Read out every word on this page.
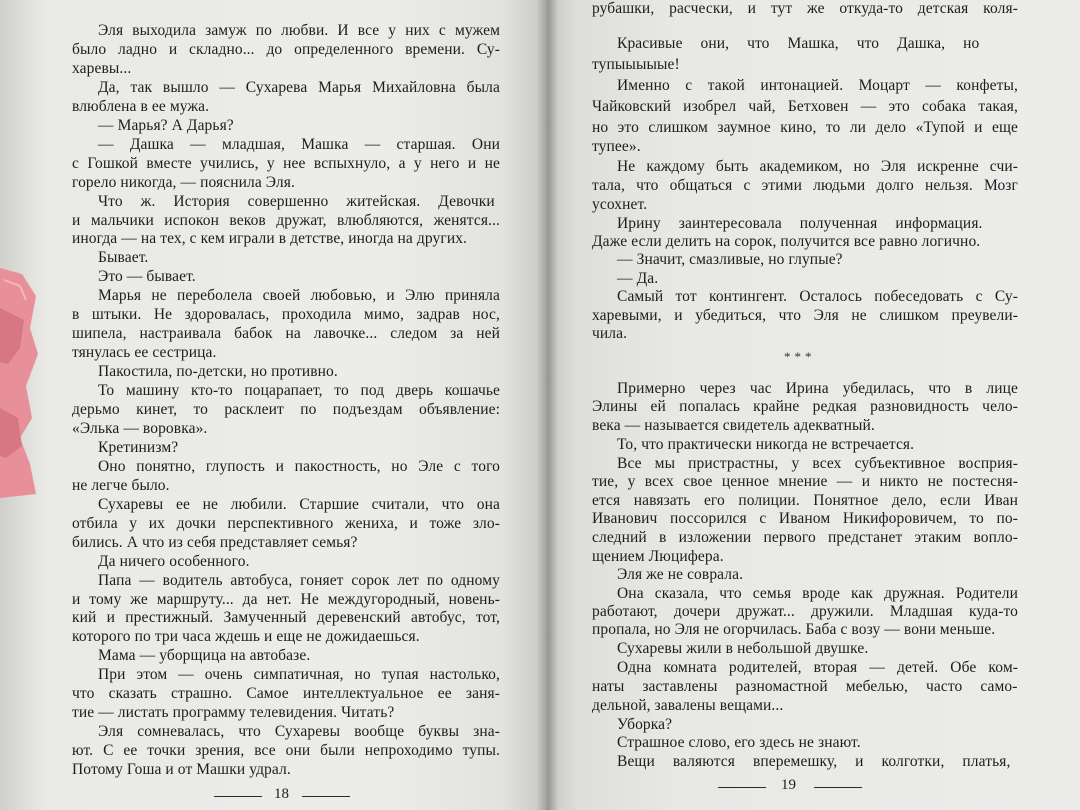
Эля выходила замуж по любви. И все у них с мужем
было ладно и складно... до определенного времени. Су-
харевы...
Да, так вышло — Сухарева Марья Михайловна была
влюблена в ее мужа.
— Марья? А Дарья?
— Дашка — младшая, Машка — старшая. Они
с Гошкой вместе учились, у нее вспыхнуло, а у него и не
горело никогда, — пояснила Эля.
Что ж. История совершенно житейская. Девочки
и мальчики испокон веков дружат, влюбляются, женятся...
иногда — на тех, с кем играли в детстве, иногда на других.
Бывает.
Это — бывает.
Марья не переболела своей любовью, и Элю приняла
в штыки. Не здоровалась, проходила мимо, задрав нос,
шипела, настраивала бабок на лавочке... следом за ней
тянулась ее сестрица.
Пакостила, по-детски, но противно.
То машину кто-то поцарапает, то под дверь кошачье
дерьмо кинет, то расклеит по подъездам объявление:
«Элька — воровка».
Кретинизм?
Оно понятно, глупость и пакостность, но Эле с того
не легче было.
Сухаревы ее не любили. Старшие считали, что она
отбила у их дочки перспективного жениха, и тоже зло-
бились. А что из себя представляет семья?
Да ничего особенного.
Папа — водитель автобуса, гоняет сорок лет по одному
и тому же маршруту... да нет. Не междугородный, новень-
кий и престижный. Замученный деревенский автобус, тот,
которого по три часа ждешь и еще не дожидаешься.
Мама — уборщица на автобазе.
При этом — очень симпатичная, но тупая настолько,
что сказать страшно. Самое интеллектуальное ее заня-
тие — листать программу телевидения. Читать?
Эля сомневалась, что Сухаревы вообще буквы зна-
ют. С ее точки зрения, все они были непроходимо тупы.
Потому Гоша и от Машки удрал.
Красивые они, что Машка, что Дашка, но
тупыыыыые!
Именно с такой интонацией. Моцарт — конфеты,
Чайковский изобрел чай, Бетховен — это собака такая,
но это слишком заумное кино, то ли дело «Тупой и еще
тупее».
Не каждому быть академиком, но Эля искренне счи-
тала, что общаться с этими людьми долго нельзя. Мозг
усохнет.
Ирину заинтересовала полученная информация.
Даже если делить на сорок, получится все равно логично.
— Значит, смазливые, но глупые?
— Да.
Самый тот контингент. Осталось побеседовать с Су-
харевыми, и убедиться, что Эля не слишком преувели-
чила.
***
Примерно через час Ирина убедилась, что в лице
Элины ей попалась крайне редкая разновидность чело-
века — называется свидетель адекватный.
То, что практически никогда не встречается.
Все мы пристрастны, у всех субъективное восприя-
тие, у всех свое ценное мнение — и никто не постесня-
ется навязать его полиции. Понятное дело, если Иван
Иванович поссорился с Иваном Никифоровичем, то по-
следний в изложении первого предстанет этаким вопло-
щением Люцифера.
Эля же не соврала.
Она сказала, что семья вроде как дружная. Родители
работают, дочери дружат... дружили. Младшая куда-то
пропала, но Эля не огорчилась. Баба с возу — вони меньше.
Сухаревы жили в небольшой двушке.
Одна комната родителей, вторая — детей. Обе ком-
наты заставлены разномастной мебелью, часто само-
дельной, завалены вещами...
Уборка?
Страшное слово, его здесь не знают.
Вещи валяются вперемешку, и колготки, платья,
рубашки, расчески, и тут же откуда-то детская коля-
18
19
